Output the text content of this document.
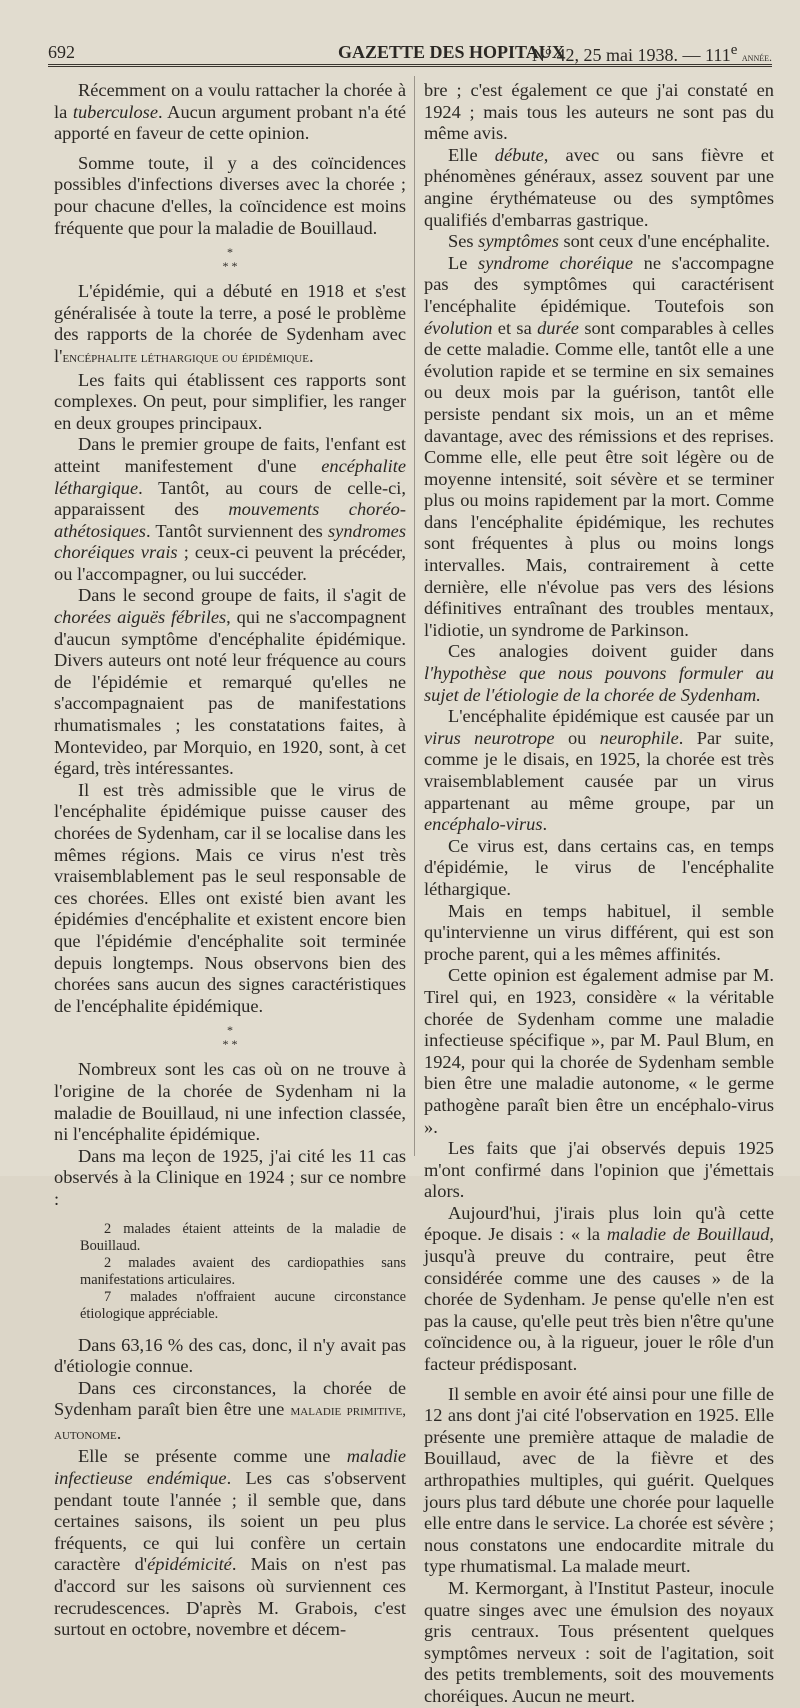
692	GAZETTE DES HOPITAUX
N° 42, 25 mai 1938. — 111e année.

Récemment on a voulu rattacher la chorée à la tuberculose. Aucun argument probant n'a été apporté en faveur de cette opinion.

Somme toute, il y a des coïncidences possibles d'infections diverses avec la chorée ; pour chacune d'elles, la coïncidence est moins fréquente que pour la maladie de Bouillaud.

*
* *

L'épidémie, qui a débuté en 1918 et s'est généralisée à toute la terre, a posé le problème des rapports de la chorée de Sydenham avec l'encéphalite léthargique ou épidémique.

Les faits qui établissent ces rapports sont complexes. On peut, pour simplifier, les ranger en deux groupes principaux.

Dans le premier groupe de faits, l'enfant est atteint manifestement d'une encéphalite léthargique. Tantôt, au cours de celle-ci, apparaissent des mouvements choréo-athétosiques. Tantôt surviennent des syndromes choréiques vrais ; ceux-ci peuvent la précéder, ou l'accompagner, ou lui succéder.

Dans le second groupe de faits, il s'agit de chorées aiguës fébriles, qui ne s'accompagnent d'aucun symptôme d'encéphalite épidémique. Divers auteurs ont noté leur fréquence au cours de l'épidémie et remarqué qu'elles ne s'accompagnaient pas de manifestations rhumatismales ; les constatations faites, à Montevideo, par Morquio, en 1920, sont, à cet égard, très intéressantes.

Il est très admissible que le virus de l'encéphalite épidémique puisse causer des chorées de Sydenham, car il se localise dans les mêmes régions. Mais ce virus n'est très vraisemblablement pas le seul responsable de ces chorées. Elles ont existé bien avant les épidémies d'encéphalite et existent encore bien que l'épidémie d'encéphalite soit terminée depuis longtemps. Nous observons bien des chorées sans aucun des signes caractéristiques de l'encéphalite épidémique.

*
* *

Nombreux sont les cas où on ne trouve à l'origine de la chorée de Sydenham ni la maladie de Bouillaud, ni une infection classée, ni l'encéphalite épidémique.

Dans ma leçon de 1925, j'ai cité les 11 cas observés à la Clinique en 1924 ; sur ce nombre :

2 malades étaient atteints de la maladie de Bouillaud.

2 malades avaient des cardiopathies sans manifestations articulaires.

7 malades n'offraient aucune circonstance étiologique appréciable.

Dans 63,16 % des cas, donc, il n'y avait pas d'étiologie connue.

Dans ces circonstances, la chorée de Sydenham paraît bien être une maladie primitive, autonome.

Elle se présente comme une maladie infectieuse endémique. Les cas s'observent pendant toute l'année ; il semble que, dans certaines saisons, ils soient un peu plus fréquents, ce qui lui confère un certain caractère d'épidémicité. Mais on n'est pas d'accord sur les saisons où surviennent ces recrudescences. D'après M. Grabois, c'est surtout en octobre, novembre et décem-

bre ; c'est également ce que j'ai constaté en 1924 ; mais tous les auteurs ne sont pas du même avis.

Elle débute, avec ou sans fièvre et phénomènes généraux, assez souvent par une angine érythémateuse ou des symptômes qualifiés d'embarras gastrique.

Ses symptômes sont ceux d'une encéphalite.

Le syndrome choréique ne s'accompagne pas des symptômes qui caractérisent l'encéphalite épidémique. Toutefois son évolution et sa durée sont comparables à celles de cette maladie. Comme elle, tantôt elle a une évolution rapide et se termine en six semaines ou deux mois par la guérison, tantôt elle persiste pendant six mois, un an et même davantage, avec des rémissions et des reprises. Comme elle, elle peut être soit légère ou de moyenne intensité, soit sévère et se terminer plus ou moins rapidement par la mort. Comme dans l'encéphalite épidémique, les rechutes sont fréquentes à plus ou moins longs intervalles. Mais, contrairement à cette dernière, elle n'évolue pas vers des lésions définitives entraînant des troubles mentaux, l'idiotie, un syndrome de Parkinson.

Ces analogies doivent guider dans l'hypothèse que nous pouvons formuler au sujet de l'étiologie de la chorée de Sydenham.

L'encéphalite épidémique est causée par un virus neurotrope ou neurophile. Par suite, comme je le disais, en 1925, la chorée est très vraisemblablement causée par un virus appartenant au même groupe, par un encéphalo-virus.

Ce virus est, dans certains cas, en temps d'épidémie, le virus de l'encéphalite léthargique.

Mais en temps habituel, il semble qu'intervienne un virus différent, qui est son proche parent, qui a les mêmes affinités.

Cette opinion est également admise par M. Tirel qui, en 1923, considère « la véritable chorée de Sydenham comme une maladie infectieuse spécifique », par M. Paul Blum, en 1924, pour qui la chorée de Sydenham semble bien être une maladie autonome, « le germe pathogène paraît bien être un encéphalo-virus ».

Les faits que j'ai observés depuis 1925 m'ont confirmé dans l'opinion que j'émettais alors.

Aujourd'hui, j'irais plus loin qu'à cette époque. Je disais : « la maladie de Bouillaud, jusqu'à preuve du contraire, peut être considérée comme une des causes » de la chorée de Sydenham. Je pense qu'elle n'en est pas la cause, qu'elle peut très bien n'être qu'une coïncidence ou, à la rigueur, jouer le rôle d'un facteur prédisposant.

Il semble en avoir été ainsi pour une fille de 12 ans dont j'ai cité l'observation en 1925. Elle présente une première attaque de maladie de Bouillaud, avec de la fièvre et des arthropathies multiples, qui guérit. Quelques jours plus tard débute une chorée pour laquelle elle entre dans le service. La chorée est sévère ; nous constatons une endocardite mitrale du type rhumatismal. La malade meurt.

M. Kermorgant, à l'Institut Pasteur, inocule quatre singes avec une émulsion des noyaux gris centraux. Tous présentent quelques symptômes nerveux : soit de l'agitation, soit des petits tremblements, soit des mouvements choréiques. Aucun ne meurt.
